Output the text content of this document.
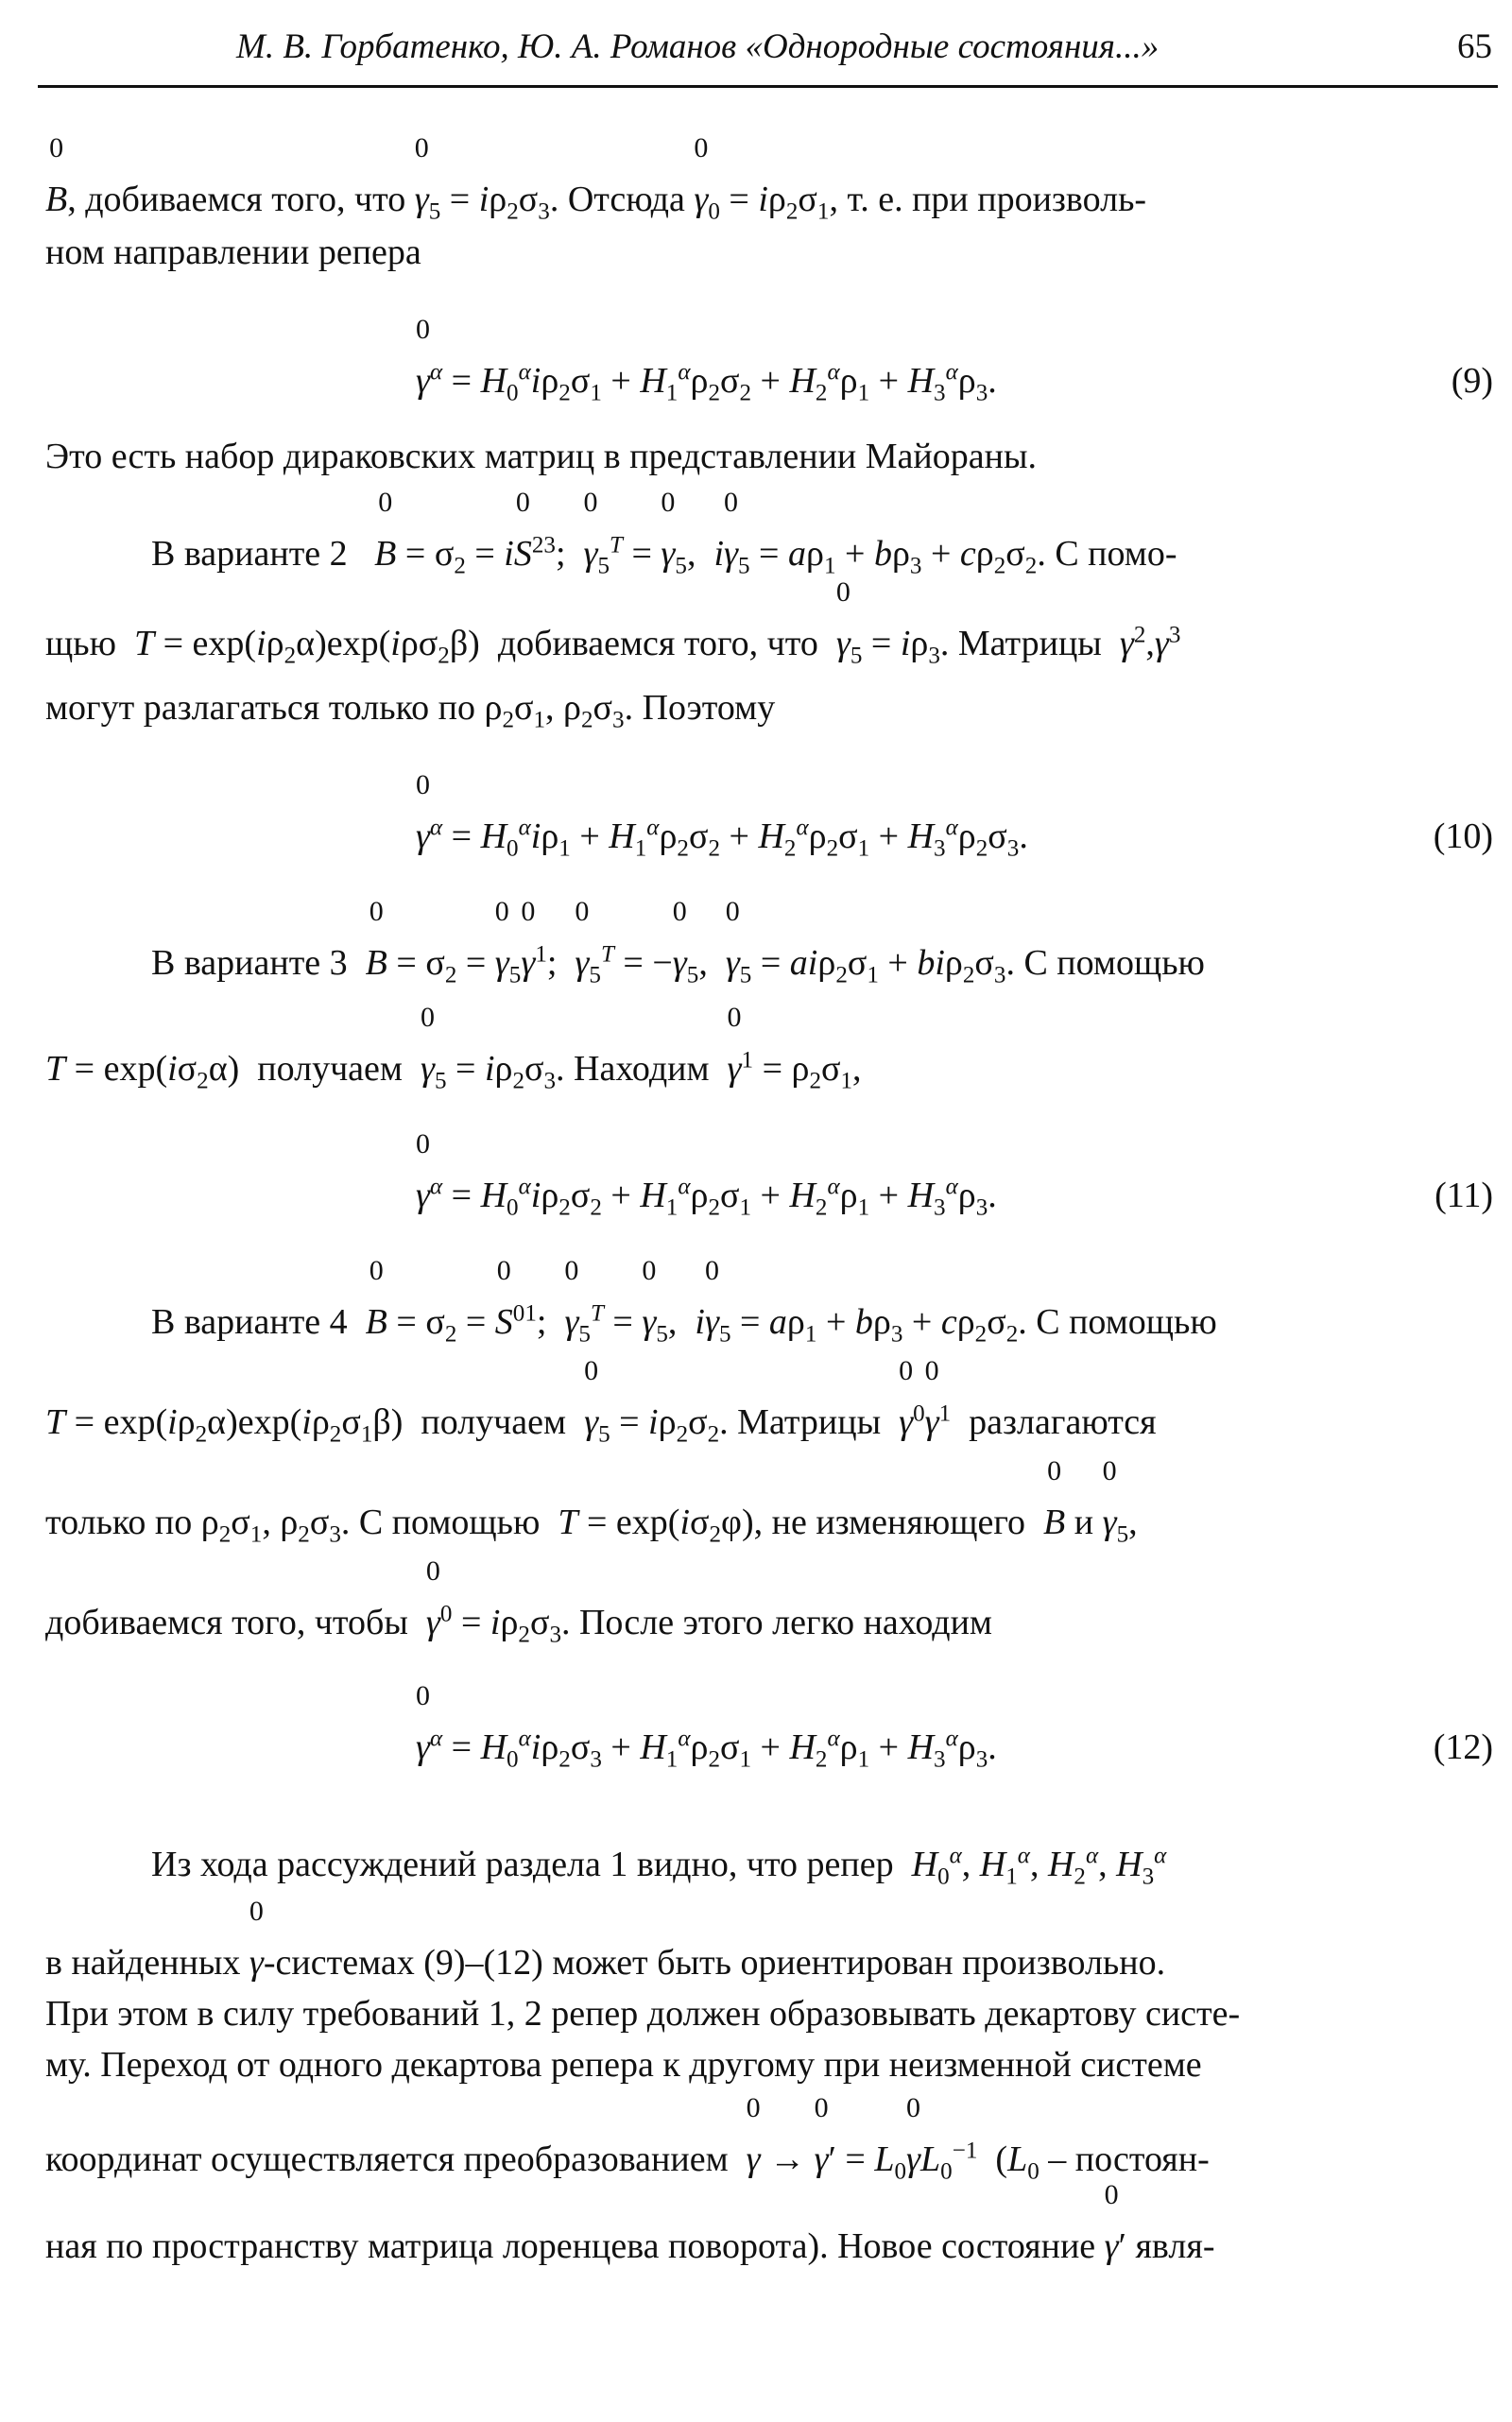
М. В. Горбатенко, Ю. А. Романов «Однородные состояния...»	65
0 B, добиваемся того, что 0 $\gamma_5 = i\rho_2\sigma_3$. Отсюда 0 $\gamma_0 = i\rho_2\sigma_1$, т. е. при произволь-
ном направлении репера
0 $\gamma^\alpha = H_0^\alpha i\rho_2\sigma_1 + H_1^\alpha\rho_2\sigma_2 + H_2^\alpha\rho_1 + H_3^\alpha\rho_3$.	(9)
Это есть набор дираковских матриц в представлении Майораны.
В варианте 2 0 $B = \sigma_2 = i0$ $S^{23}$;  0 $\gamma_5^T = 0$ $\gamma_5$,  i0 $\gamma_5 = a\rho_1 + b\rho_3 + c\rho_2\sigma_2$. С помо-
щью $T = \exp(i\rho_2\alpha)\exp(i\rho\sigma_2\beta)$  добиваемся того, что 0 $\gamma_5 = i\rho_3$. Матрицы $\gamma^2,\gamma^3$
могут разлагаться только по $\rho_2\sigma_1$, $\rho_2\sigma_3$. Поэтому
0 $\gamma^\alpha = H_0^\alpha i\rho_1 + H_1^\alpha\rho_2\sigma_2 + H_2^\alpha\rho_2\sigma_1 + H_3^\alpha\rho_2\sigma_3$.	(10)
В варианте 3 0 $B = \sigma_2 = 0$ $\gamma_50$ $\gamma^1$;  0 $\gamma_5^T = -0$ $\gamma_5$,  0 $\gamma_5 = ai\rho_2\sigma_1 + bi\rho_2\sigma_3$. С помощью
$T = \exp(i\sigma_2\alpha)$  получаем 0 $\gamma_5 = i\rho_2\sigma_3$. Находим 0 $\gamma^1 = \rho_2\sigma_1$,
0 $\gamma^\alpha = H_0^\alpha i\rho_2\sigma_2 + H_1^\alpha\rho_2\sigma_1 + H_2^\alpha\rho_1 + H_3^\alpha\rho_3$.	(11)
В варианте 4 0 $B = \sigma_2 = 0$ $S^{01}$;  0 $\gamma_5^T = 0$ $\gamma_5$,  i0 $\gamma_5 = a\rho_1 + b\rho_3 + c\rho_2\sigma_2$. С помощью
$T = \exp(i\rho_2\alpha)\exp(i\rho_2\sigma_1\beta)$  получаем 0 $\gamma_5 = i\rho_2\sigma_2$. Матрицы 0 $\gamma^00$ $\gamma^1$ разлагаются
только по $\rho_2\sigma_1$, $\rho_2\sigma_3$. С помощью $T = \exp(i\sigma_2\varphi)$, не изменяющего 0 B и 0 $\gamma_5$,
добиваемся того, чтобы 0 $\gamma^0 = i\rho_2\sigma_3$. После этого легко находим
0 $\gamma^\alpha = H_0^\alpha i\rho_2\sigma_3 + H_1^\alpha\rho_2\sigma_1 + H_2^\alpha\rho_1 + H_3^\alpha\rho_3$.	(12)
Из хода рассуждений раздела 1 видно, что репер $H_0^\alpha$, $H_1^\alpha$, $H_2^\alpha$, $H_3^\alpha$
в найденных 0 γ-системах (9)–(12) может быть ориентирован произвольно.
При этом в силу требований 1, 2 репер должен образовывать декартову систе-
му. Переход от одного декартова репера к другому при неизменной системе
координат осуществляется преобразованием 0 γ → 0 $\gamma' = L_00$ $\gamma L_0^{-1}$ ($L_0$ – постоян-
ная по пространству матрица лоренцева поворота). Новое состояние 0 γ′ явля-
